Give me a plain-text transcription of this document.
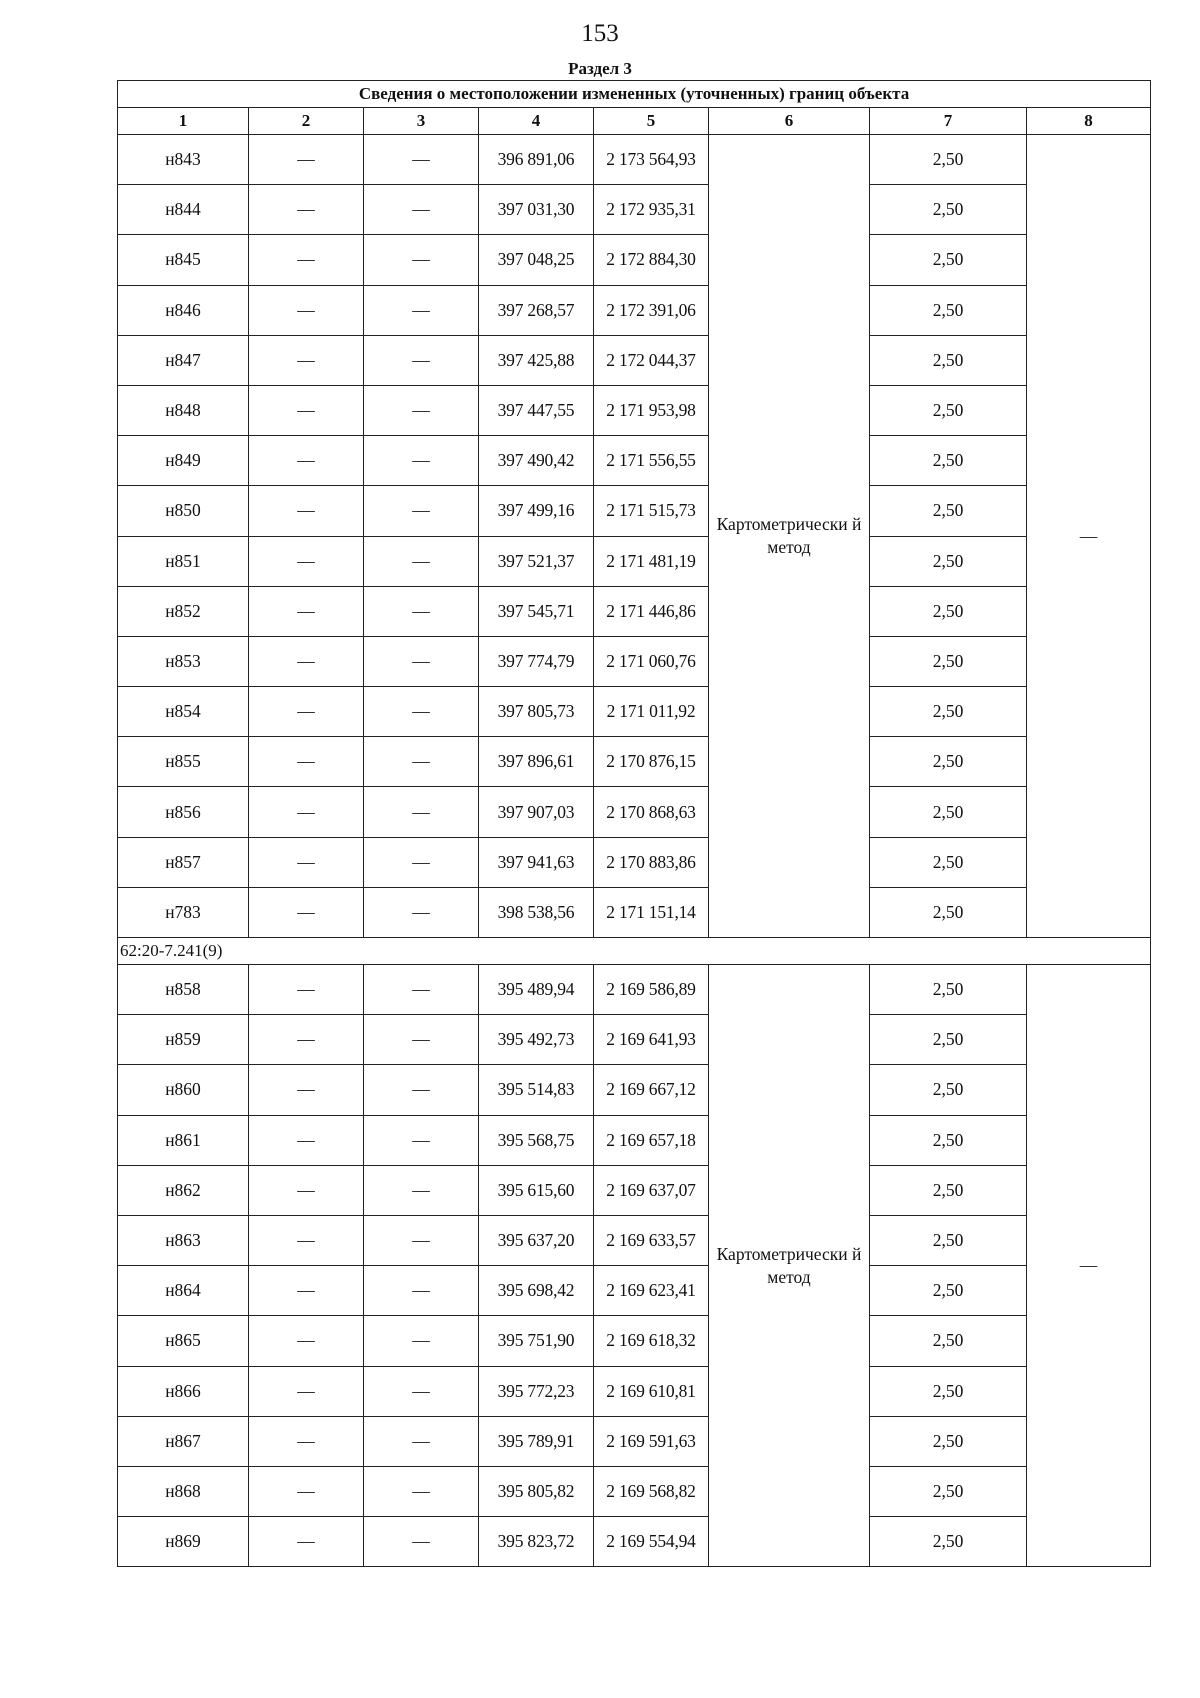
153
Раздел 3
Сведения о местоположении измененных (уточненных) границ объекта							
1	2	3	4	5	6	7	8
н843	—	—	396 891,06	2 173 564,93	Картометрически й метод	2,50	—
н844	—	—	397 031,30	2 172 935,31		2,50	
н845	—	—	397 048,25	2 172 884,30		2,50	
н846	—	—	397 268,57	2 172 391,06		2,50	
н847	—	—	397 425,88	2 172 044,37		2,50	
н848	—	—	397 447,55	2 171 953,98		2,50	
н849	—	—	397 490,42	2 171 556,55		2,50	
н850	—	—	397 499,16	2 171 515,73		2,50	
н851	—	—	397 521,37	2 171 481,19		2,50	
н852	—	—	397 545,71	2 171 446,86		2,50	
н853	—	—	397 774,79	2 171 060,76		2,50	
н854	—	—	397 805,73	2 171 011,92		2,50	
н855	—	—	397 896,61	2 170 876,15		2,50	
н856	—	—	397 907,03	2 170 868,63		2,50	
н857	—	—	397 941,63	2 170 883,86		2,50	
н783	—	—	398 538,56	2 171 151,14		2,50	
62:20-7.241(9)							
н858	—	—	395 489,94	2 169 586,89	Картометрически й метод	2,50	—
н859	—	—	395 492,73	2 169 641,93		2,50	
н860	—	—	395 514,83	2 169 667,12		2,50	
н861	—	—	395 568,75	2 169 657,18		2,50	
н862	—	—	395 615,60	2 169 637,07		2,50	
н863	—	—	395 637,20	2 169 633,57		2,50	
н864	—	—	395 698,42	2 169 623,41		2,50	
н865	—	—	395 751,90	2 169 618,32		2,50	
н866	—	—	395 772,23	2 169 610,81		2,50	
н867	—	—	395 789,91	2 169 591,63		2,50	
н868	—	—	395 805,82	2 169 568,82		2,50	
н869	—	—	395 823,72	2 169 554,94		2,50	
